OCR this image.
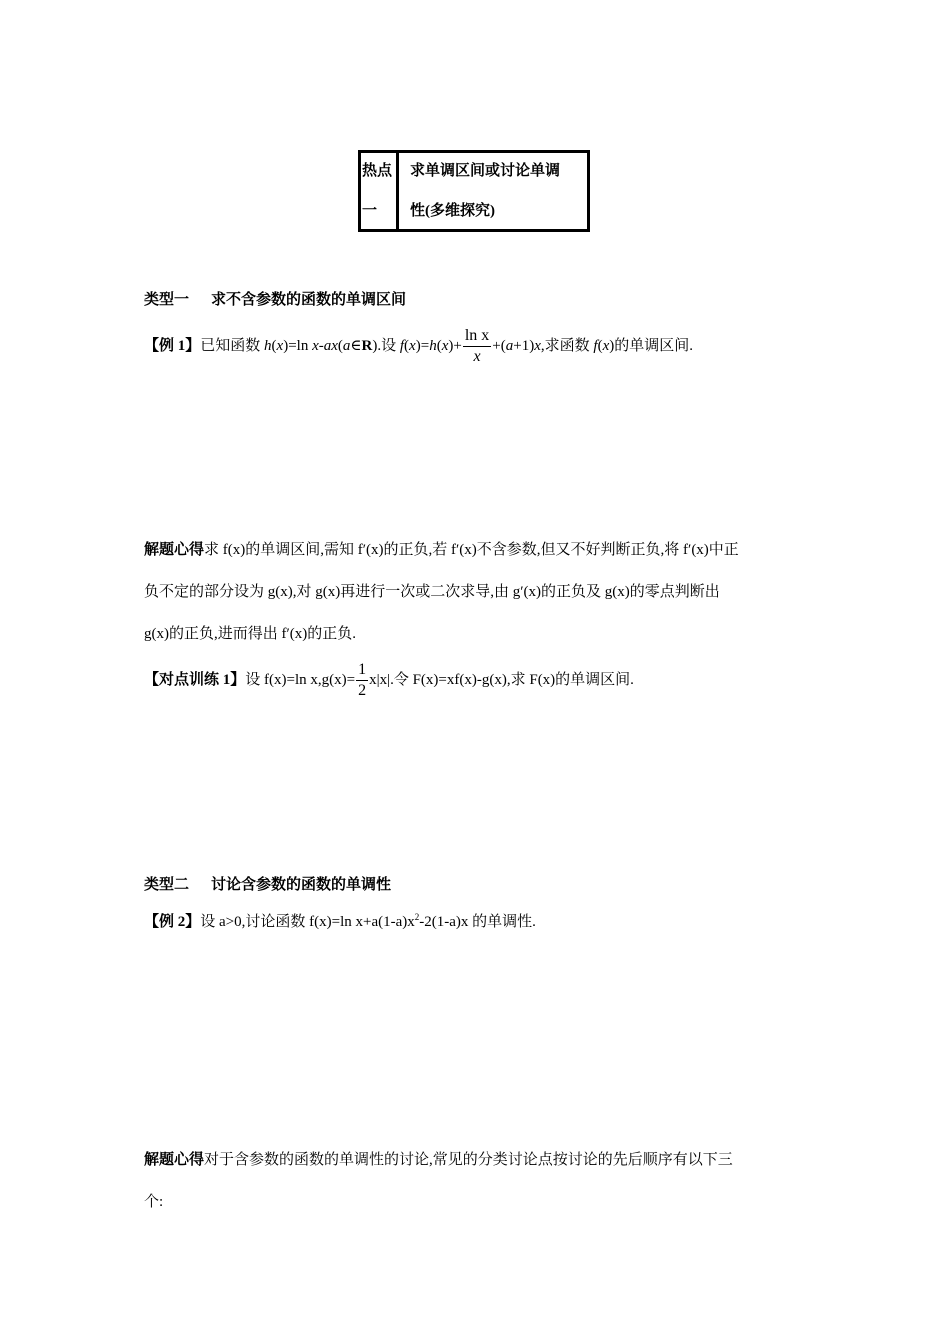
热点
一
求单调区间或讨论单调
性(多维探究)
类型一 求不含参数的函数的单调区间
【例 1】已知函数 h(x)=ln x-ax(a∈R).设 $f(x)=h(x)+ \frac{\text{ln x}}{x} +(a+1)x$,求函数 f(x)的单调区间.
解题心得求 f(x)的单调区间,需知 f′(x)的正负,若 f′(x)不含参数,但又不好判断正负,将 f′(x)中正
负不定的部分设为 g(x),对 g(x)再进行一次或二次求导,由 g′(x)的正负及 g(x)的零点判断出
g(x)的正负,进而得出 f′(x)的正负.
【对点训练 1】设 f(x)=ln $x,g(x)= \frac{1}{2} x|x|$.令 F(x)=xf(x)-g(x),求 F(x)的单调区间.
类型二 讨论含参数的函数的单调性
【例 2】设 a>0,讨论函数 f(x)=ln $x+a(1-a)x^2-2(1-a)x$ 的单调性.
解题心得对于含参数的函数的单调性的讨论,常见的分类讨论点按讨论的先后顺序有以下三
个:
